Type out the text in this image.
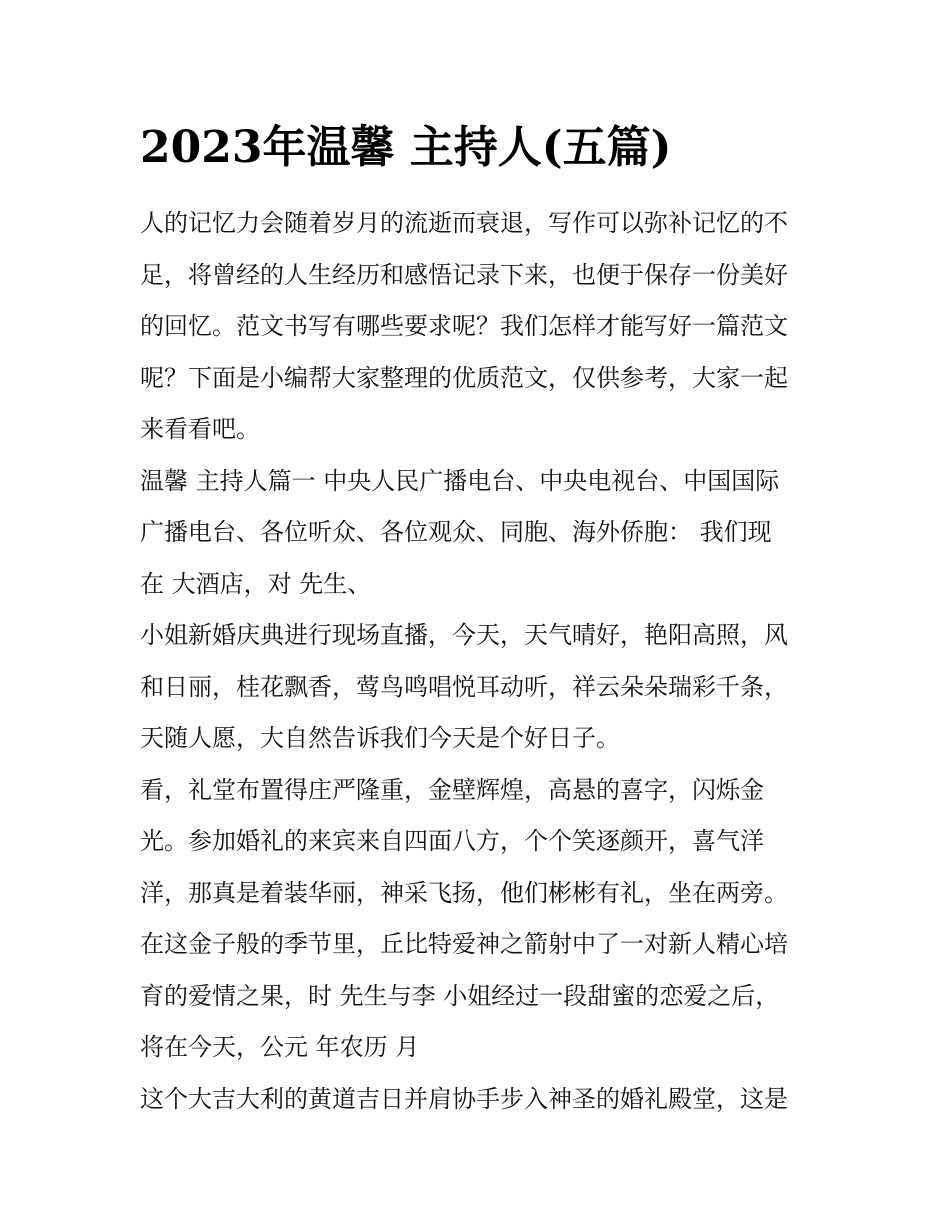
2023年温馨 主持人(五篇)
人的记忆力会随着岁月的流逝而衰退，写作可以弥补记忆的不
足，将曾经的人生经历和感悟记录下来，也便于保存一份美好
的回忆。范文书写有哪些要求呢？我们怎样才能写好一篇范文
呢？下面是小编帮大家整理的优质范文，仅供参考，大家一起
来看看吧。
温馨 主持人篇一 中央人民广播电台、中央电视台、中国国际
广播电台、各位听众、各位观众、同胞、海外侨胞： 我们现
在 大酒店，对 先生、
小姐新婚庆典进行现场直播，今天，天气晴好，艳阳高照，风
和日丽，桂花飘香，莺鸟鸣唱悦耳动听，祥云朵朵瑞彩千条，
天随人愿，大自然告诉我们今天是个好日子。
看，礼堂布置得庄严隆重，金壁辉煌，高悬的喜字，闪烁金
光。参加婚礼的来宾来自四面八方，个个笑逐颜开，喜气洋
洋，那真是着装华丽，神采飞扬，他们彬彬有礼，坐在两旁。
在这金子般的季节里，丘比特爱神之箭射中了一对新人精心培
育的爱情之果，时 先生与李 小姐经过一段甜蜜的恋爱之后，
将在今天，公元 年农历 月
这个大吉大利的黄道吉日并肩协手步入神圣的婚礼殿堂，这是
